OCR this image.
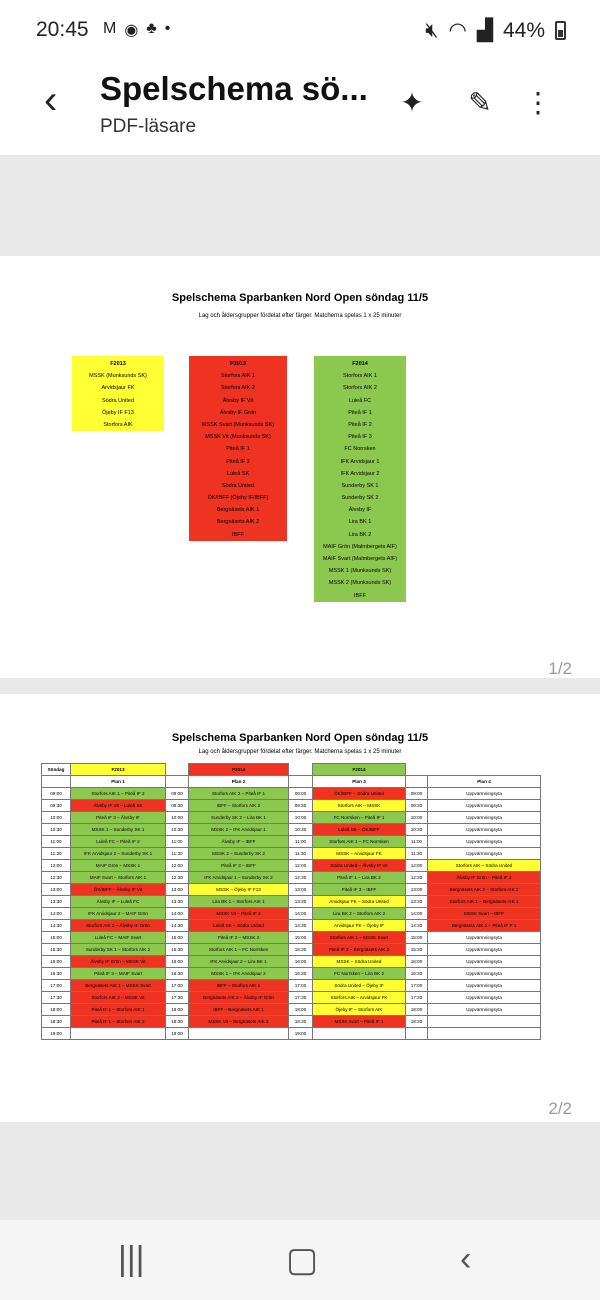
20:45 M ◉ ♣ •	🔇︎ ◠ ▟ 44%
‹ Spelschema sö...
PDF-läsare
✦ ✎ ⋮
Spelschema Sparbanken Nord Open söndag 11/5
Lag och åldersgrupper fördelat efter färger. Matcherna spelas 1 x 25 minuter
F2013
MSSK (Munksunds SK)
Arvidsjaur FK
Södra United
Öjeby IF F13
Storfors AIK
P2013
Storfors AIK 1
Storfors AIK 2
Älvsby IF Vit
Älvsby IF Grön
MSSK Svart (Munksunds SK)
MSSK Vit (Munksunds SK)
Piteå IF 1
Piteå IF 2
Luleå SK
Södra United
ÖK/IBFF (Öjeby IF/IBFF)
Bergnäsets AIK 1
Bergnäsets AIK 2
IBFF
F2014
Storfors AIK 1
Storfors AIK 2
Luleå FC
Piteå IF 1
Piteå IF 2
Piteå IF 3
FC Norrsken
IFK Arvidsjaur 1
IFK Arvidsjaur 2
Sunderby SK 1
Sunderby SK 2
Älvsby IF
Lira BK 1
Lira BK 2
MAIF Grön (Malmbergets AIF)
MAIF Svart (Malmbergets AIF)
MSSK 1 (Munksunds SK)
MSSK 2 (Munksunds SK)
IBFF
1/2
Spelschema Sparbanken Nord Open söndag 11/5
Lag och åldersgrupper fördelat efter färger. Matcherna spelas 1 x 25 minuter
Söndag	F2013		P2013		F2014		
	Plan 1		Plan 2		Plan 3		Plan 4
09:00	Storfors AIK 1 – Piteå IF 2	09:00	Storfors AIK 2 – Piteå IF 1	09:00	ÖK/IBFF – Södra United	09:00	Uppvärmningsyta
09:30	Älvsby IF Vit – Luleå SK	09:30	IBFF – Storfors AIK 2	09:30	Storfors AIK – MSSK	09:30	Uppvärmningsyta
10:00	Piteå IF 3 – Älvsby IF	10:00	Sunderby SK 2 – Lira BK 1	10:00	FC Norrsken – Piteå IF 1	10:00	Uppvärmningsyta
10:30	MSSK 1 – Sunderby SK 1	10:30	MSSK 2 – IFK Arvidsjaur 1	10:30	Luleå SK – ÖK/IBFF	10:30	Uppvärmningsyta
11:00	Luleå FC – Piteå IF 2	11:00	Älvsby IF – IBFF	11:00	Storfors AIK 1 – FC Norrsken	11:00	Uppvärmningsyta
11:30	IFK Arvidsjaur 2 – Sunderby SK 1	11:30	MSSK 2 – Sunderby SK 2	11:30	MSSK – Arvidsjaur FK	11:30	Uppvärmningsyta
12:00	MAIF Grön – MSSK 1	12:00	Piteå IF 3 – IBFF	12:00	Södra United – Älvsby IF Vit	12:00	Storfors AIK – Södra United
12:30	MAIF Svart – Storfors AIK 1	12:30	IFK Arvidsjaur 1 – Sunderby SK 2	12:30	Piteå IF 1 – Lira BK 2	12:30	Älvsby IF Grön – Piteå IF 2
13:00	ÖK/IBFF – Älvsby IF Vit	13:00	MSSK – Öjeby IF F13	13:00	Piteå IF 3 – IBFF	13:00	Bergnäsets AIK 2 – Storfors AIK 2
13:30	Älvsby IF – Luleå FC	13:30	Lira BK 1 – Storfors AIK 1	13:30	Arvidsjaur FK – Södra United	13:30	Storfors AIK 1 – Bergnäsets AIK 1
14:00	IFK Arvidsjaur 2 – MAIF Grön	14:00	MSSK Vit – Piteå IF 2	14:00	Lira BK 2 – Storfors AIK 2	14:00	MSSK Svart – IBFF
14:30	Storfors AIK 2 – Älvsby IF Grön	14:30	Luleå SK – Södra United	14:30	Arvidsjaur FK – Öjeby IF	14:30	Bergnäsets AIK 1 – Piteå IF P 1
15:00	Luleå FC – MAIF Svart	15:00	Piteå IF 2 – MSSK 2	15:00	Storfors AIK 1 – MSSK Svart	15:00	Uppvärmningsyta
15:30	Sunderby SK 1 – Storfors AIK 2	15:30	Storfors AIK 1 – FC Norrsken	15:30	Piteå IF 2 – Bergnäsets AIK 2	15:30	Uppvärmningsyta
16:00	Älvsby IF Grön – MSSK Vit	16:00	IFK Arvidsjaur 2 – Lira BK 1	16:00	MSSK – Södra United	16:00	Uppvärmningsyta
16:30	Piteå IF 3 – MAIF Svart	16:30	MSSK 1 – IFK Arvidsjaur 2	16:30	FC Norrsken – Lira BK 2	16:30	Uppvärmningsyta
17:00	Bergnäsets AIK 1 – MSSK Svart	17:00	IBFF – Storfors AIK 1	17:00	Södra United – Öjeby IF	17:00	Uppvärmningsyta
17:30	Storfors AIK 2 – MSSK Vit	17:30	Bergnäsets AIK 2 – Älvsby IF Grön	17:30	Storfors AIK – Arvidsjaur FK	17:30	Uppvärmningsyta
18:00	Piteå IF 1 – Storfors AIK 1	18:00	IBFF – Bergnäsets AIK 1	18:00	Öjeby IF – Storfors AIK	18:00	Uppvärmningsyta
18:30	Piteå IF 1 – Storfors AIK 2	18:30	MSSK Vit – Bergnäsets AIK 2	18:30	MSSK svart – Piteå IF 1	18:30	
19:00		19:00		19:00			
2/2
|||	▢	‹
